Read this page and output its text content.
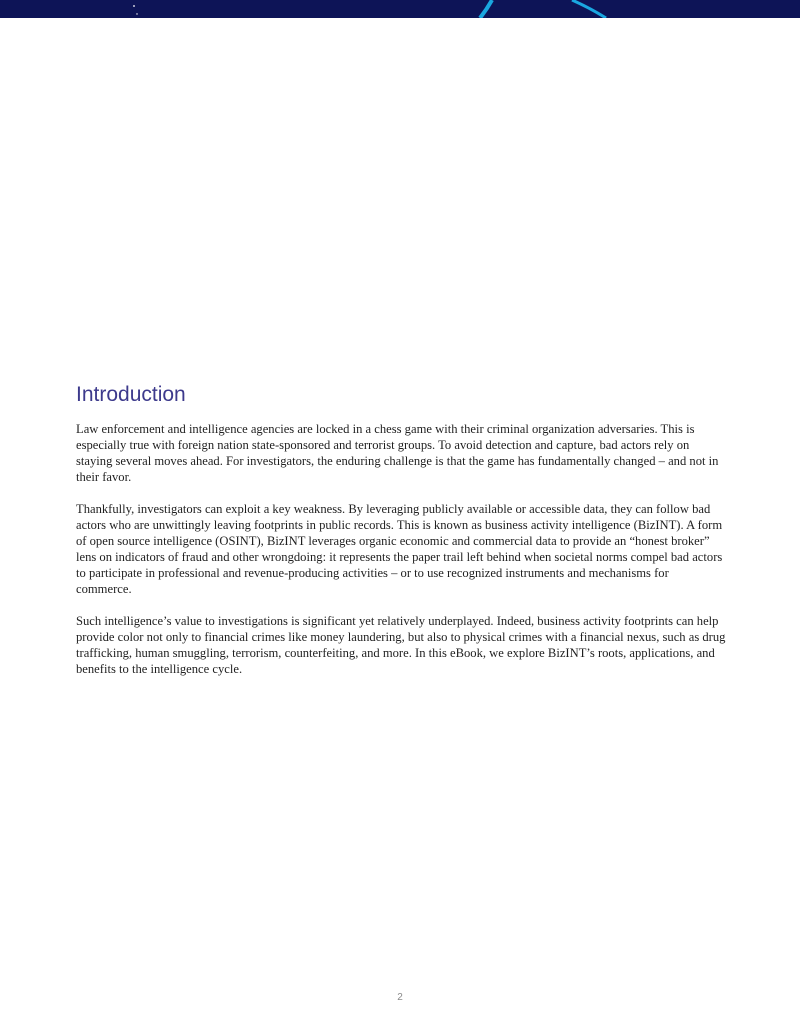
Introduction

Law enforcement and intelligence agencies are locked in a chess game with their criminal organization adversaries. This is especially true with foreign nation state-sponsored and terrorist groups. To avoid detection and capture, bad actors rely on staying several moves ahead. For investigators, the enduring challenge is that the game has fundamentally changed – and not in their favor.

Thankfully, investigators can exploit a key weakness. By leveraging publicly available or accessible data, they can follow bad actors who are unwittingly leaving footprints in public records. This is known as business activity intelligence (BizINT). A form of open source intelligence (OSINT), BizINT leverages organic economic and commercial data to provide an “honest broker” lens on indicators of fraud and other wrongdoing: it represents the paper trail left behind when societal norms compel bad actors to participate in professional and revenue-producing activities – or to use recognized instruments and mechanisms for commerce.

Such intelligence’s value to investigations is significant yet relatively underplayed. Indeed, business activity footprints can help provide color not only to financial crimes like money laundering, but also to physical crimes with a financial nexus, such as drug trafficking, human smuggling, terrorism, counterfeiting, and more. In this eBook, we explore BizINT’s roots, applications, and benefits to the intelligence cycle.

2
